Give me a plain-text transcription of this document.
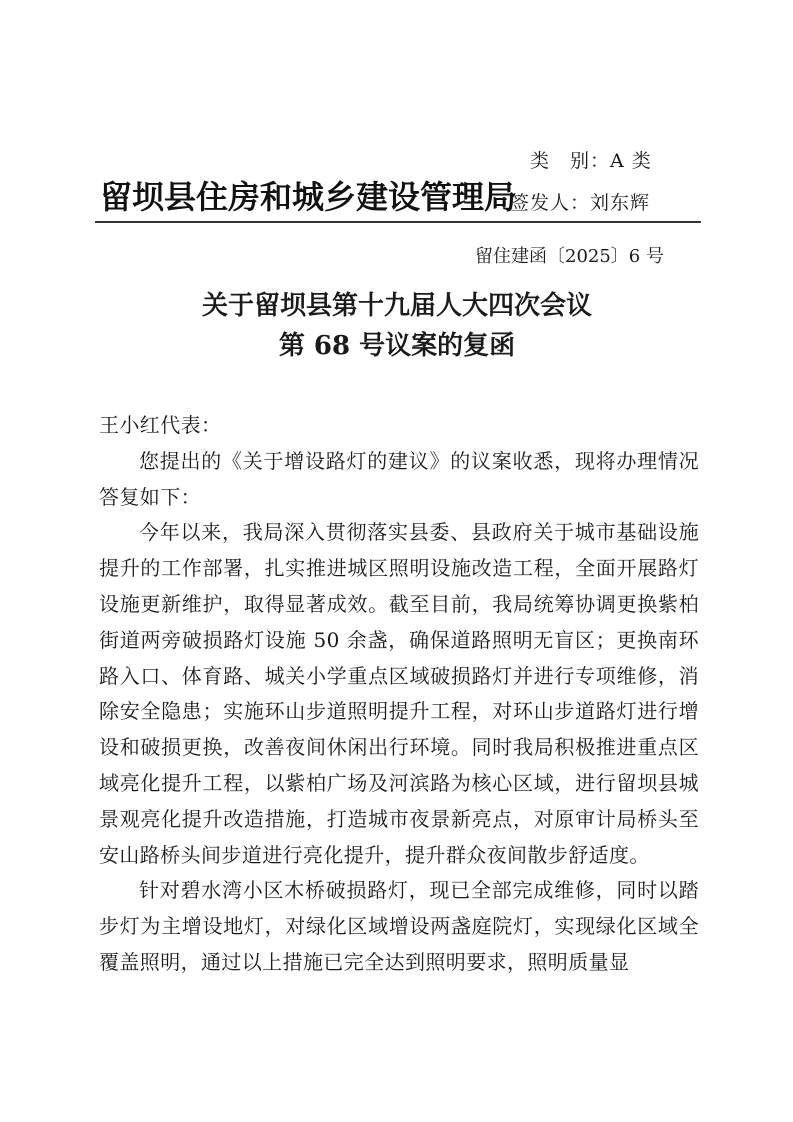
类　别：A 类
留坝县住房和城乡建设管理局
签发人：刘东辉
留住建函〔2025〕6 号
关于留坝县第十九届人大四次会议
第 68 号议案的复函

王小红代表：

您提出的《关于增设路灯的建议》的议案收悉，现将办理情况答复如下：

今年以来，我局深入贯彻落实县委、县政府关于城市基础设施提升的工作部署，扎实推进城区照明设施改造工程，全面开展路灯设施更新维护，取得显著成效。截至目前，我局统筹协调更换紫柏街道两旁破损路灯设施 50 余盏，确保道路照明无盲区；更换南环路入口、体育路、城关小学重点区域破损路灯并进行专项维修，消除安全隐患；实施环山步道照明提升工程，对环山步道路灯进行增设和破损更换，改善夜间休闲出行环境。同时我局积极推进重点区域亮化提升工程，以紫柏广场及河滨路为核心区域，进行留坝县城景观亮化提升改造措施，打造城市夜景新亮点，对原审计局桥头至安山路桥头间步道进行亮化提升，提升群众夜间散步舒适度。

针对碧水湾小区木桥破损路灯，现已全部完成维修，同时以踏步灯为主增设地灯，对绿化区域增设两盏庭院灯，实现绿化区域全覆盖照明，通过以上措施已完全达到照明要求，照明质量显
